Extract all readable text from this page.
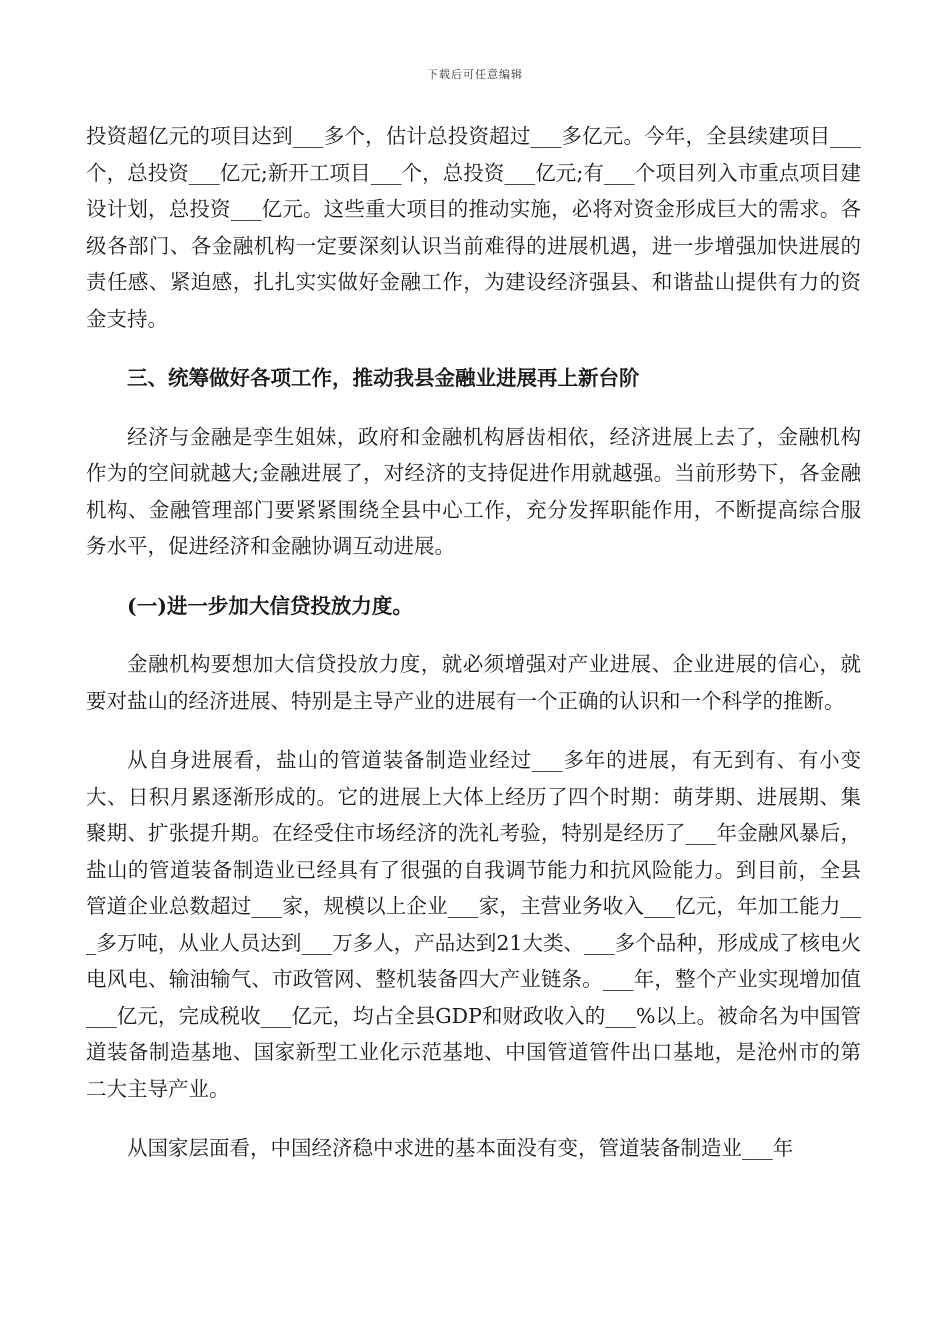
下载后可任意编辑

投资超亿元的项目达到___多个，估计总投资超过___多亿元。今年，全县续建项目___个，总投资___亿元;新开工项目___个，总投资___亿元;有___个项目列入市重点项目建设计划，总投资___亿元。这些重大项目的推动实施，必将对资金形成巨大的需求。各级各部门、各金融机构一定要深刻认识当前难得的进展机遇，进一步增强加快进展的责任感、紧迫感，扎扎实实做好金融工作，为建设经济强县、和谐盐山提供有力的资金支持。

三、统筹做好各项工作，推动我县金融业进展再上新台阶

经济与金融是孪生姐妹，政府和金融机构唇齿相依，经济进展上去了，金融机构作为的空间就越大;金融进展了，对经济的支持促进作用就越强。当前形势下，各金融机构、金融管理部门要紧紧围绕全县中心工作，充分发挥职能作用，不断提高综合服务水平，促进经济和金融协调互动进展。

(一)进一步加大信贷投放力度。

金融机构要想加大信贷投放力度，就必须增强对产业进展、企业进展的信心，就要对盐山的经济进展、特别是主导产业的进展有一个正确的认识和一个科学的推断。

从自身进展看，盐山的管道装备制造业经过___多年的进展，有无到有、有小变大、日积月累逐渐形成的。它的进展上大体上经历了四个时期：萌芽期、进展期、集聚期、扩张提升期。在经受住市场经济的洗礼考验，特别是经历了___年金融风暴后，盐山的管道装备制造业已经具有了很强的自我调节能力和抗风险能力。到目前，全县管道企业总数超过___家，规模以上企业___家，主营业务收入___亿元，年加工能力___多万吨，从业人员达到___万多人，产品达到21大类、___多个品种，形成成了核电火电风电、输油输气、市政管网、整机装备四大产业链条。___年，整个产业实现增加值___亿元，完成税收___亿元，均占全县GDP和财政收入的___%以上。被命名为中国管道装备制造基地、国家新型工业化示范基地、中国管道管件出口基地，是沧州市的第二大主导产业。

从国家层面看，中国经济稳中求进的基本面没有变，管道装备制造业___年
